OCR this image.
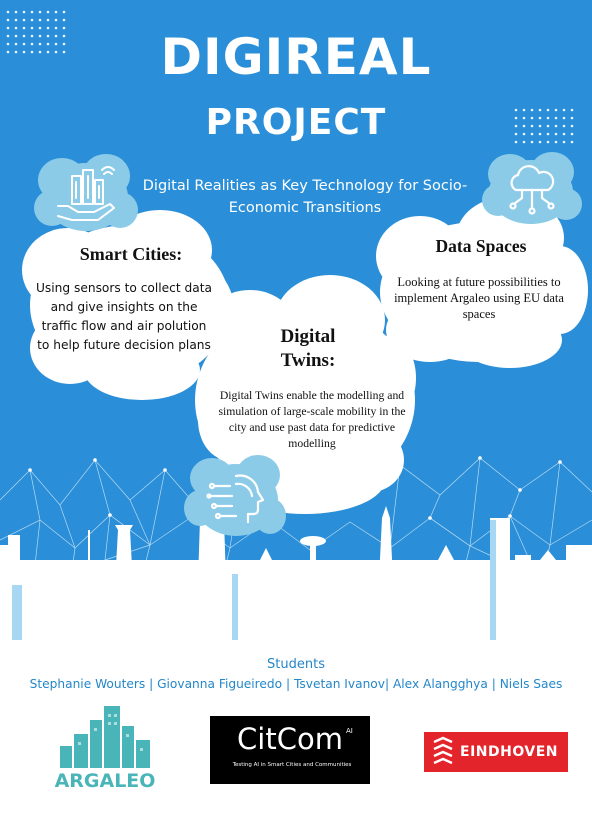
DIGIREAL
PROJECT
Digital Realities as Key Technology for Socio-Economic Transitions
Smart Cities:
Using sensors to collect data and give insights on the traffic flow and air polution to help future decision plans
Data Spaces
Looking at future possibilities to implement Argaleo using EU data spaces
Digital
Twins:
Digital Twins enable the modelling and simulation of large-scale mobility in the city and use past data for predictive modelling
Students
Stephanie Wouters | Giovanna Figueiredo | Tsvetan Ivanov| Alex Alangghya | Niels Saes
ARGALEO
CitCom AI
Testing AI in Smart Cities and Communities
EINDHOVEN
